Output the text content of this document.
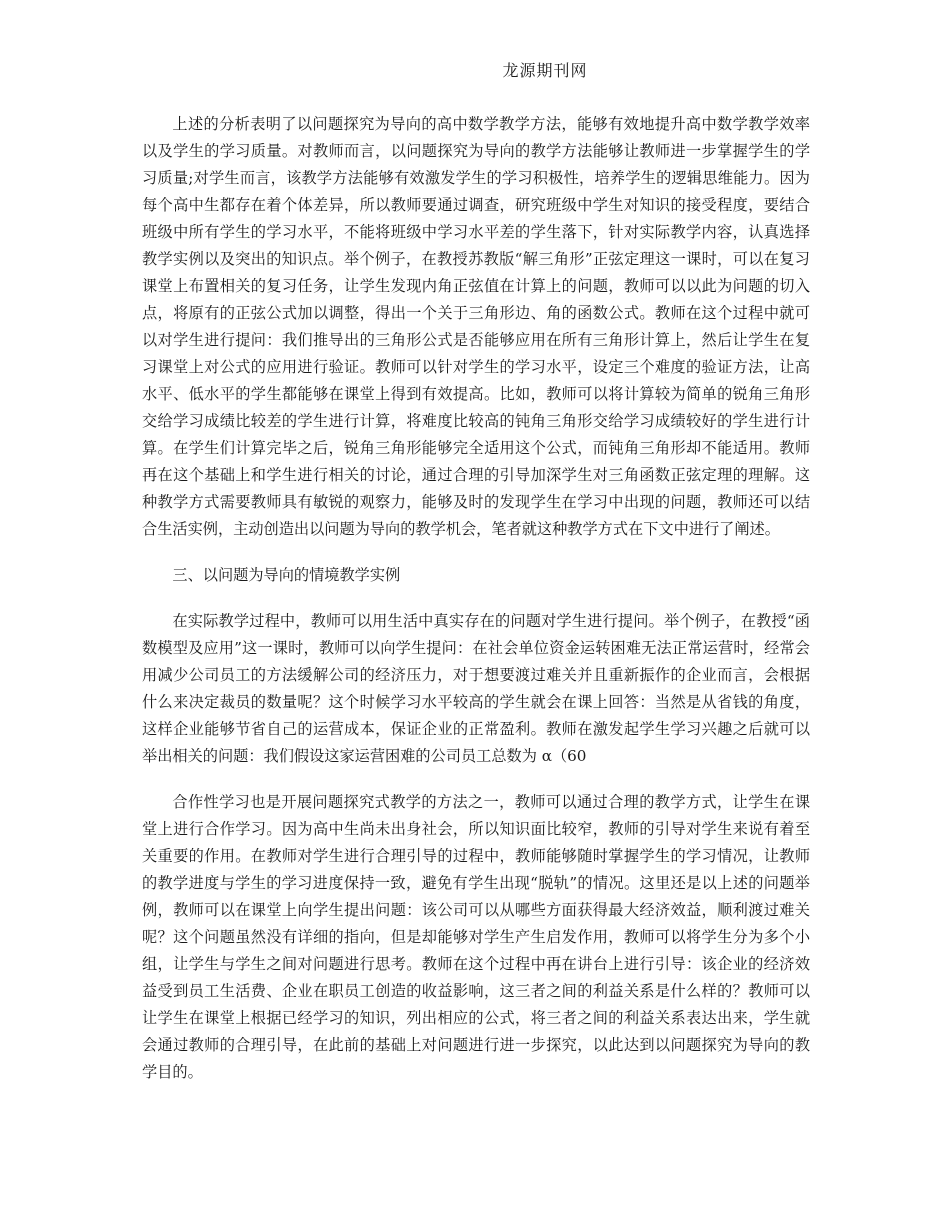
龙源期刊网

上述的分析表明了以问题探究为导向的高中数学教学方法，能够有效地提升高中数学教学效率以及学生的学习质量。对教师而言，以问题探究为导向的教学方法能够让教师进一步掌握学生的学习质量;对学生而言，该教学方法能够有效激发学生的学习积极性，培养学生的逻辑思维能力。因为每个高中生都存在着个体差异，所以教师要通过调查，研究班级中学生对知识的接受程度，要结合班级中所有学生的学习水平，不能将班级中学习水平差的学生落下，针对实际教学内容，认真选择教学实例以及突出的知识点。举个例子，在教授苏教版“解三角形”正弦定理这一课时，可以在复习课堂上布置相关的复习任务，让学生发现内角正弦值在计算上的问题，教师可以以此为问题的切入点，将原有的正弦公式加以调整，得出一个关于三角形边、角的函数公式。教师在这个过程中就可以对学生进行提问：我们推导出的三角形公式是否能够应用在所有三角形计算上，然后让学生在复习课堂上对公式的应用进行验证。教师可以针对学生的学习水平，设定三个难度的验证方法，让高水平、低水平的学生都能够在课堂上得到有效提高。比如，教师可以将计算较为简单的锐角三角形交给学习成绩比较差的学生进行计算，将难度比较高的钝角三角形交给学习成绩较好的学生进行计算。在学生们计算完毕之后，锐角三角形能够完全适用这个公式，而钝角三角形却不能适用。教师再在这个基础上和学生进行相关的讨论，通过合理的引导加深学生对三角函数正弦定理的理解。这种教学方式需要教师具有敏锐的观察力，能够及时的发现学生在学习中出现的问题，教师还可以结合生活实例，主动创造出以问题为导向的教学机会，笔者就这种教学方式在下文中进行了阐述。

三、以问题为导向的情境教学实例

在实际教学过程中，教师可以用生活中真实存在的问题对学生进行提问。举个例子，在教授“函数模型及应用”这一课时，教师可以向学生提问：在社会单位资金运转困难无法正常运营时，经常会用减少公司员工的方法缓解公司的经济压力，对于想要渡过难关并且重新振作的企业而言，会根据什么来决定裁员的数量呢？这个时候学习水平较高的学生就会在课上回答：当然是从省钱的角度，这样企业能够节省自己的运营成本，保证企业的正常盈利。教师在激发起学生学习兴趣之后就可以举出相关的问题：我们假设这家运营困难的公司员工总数为 α（60

合作性学习也是开展问题探究式教学的方法之一，教师可以通过合理的教学方式，让学生在课堂上进行合作学习。因为高中生尚未出身社会，所以知识面比较窄，教师的引导对学生来说有着至关重要的作用。在教师对学生进行合理引导的过程中，教师能够随时掌握学生的学习情况，让教师的教学进度与学生的学习进度保持一致，避免有学生出现“脱轨”的情况。这里还是以上述的问题举例，教师可以在课堂上向学生提出问题：该公司可以从哪些方面获得最大经济效益，顺利渡过难关呢？这个问题虽然没有详细的指向，但是却能够对学生产生启发作用，教师可以将学生分为多个小组，让学生与学生之间对问题进行思考。教师在这个过程中再在讲台上进行引导：该企业的经济效益受到员工生活费、企业在职员工创造的收益影响，这三者之间的利益关系是什么样的？教师可以让学生在课堂上根据已经学习的知识，列出相应的公式，将三者之间的利益关系表达出来，学生就会通过教师的合理引导，在此前的基础上对问题进行进一步探究，以此达到以问题探究为导向的教学目的。
